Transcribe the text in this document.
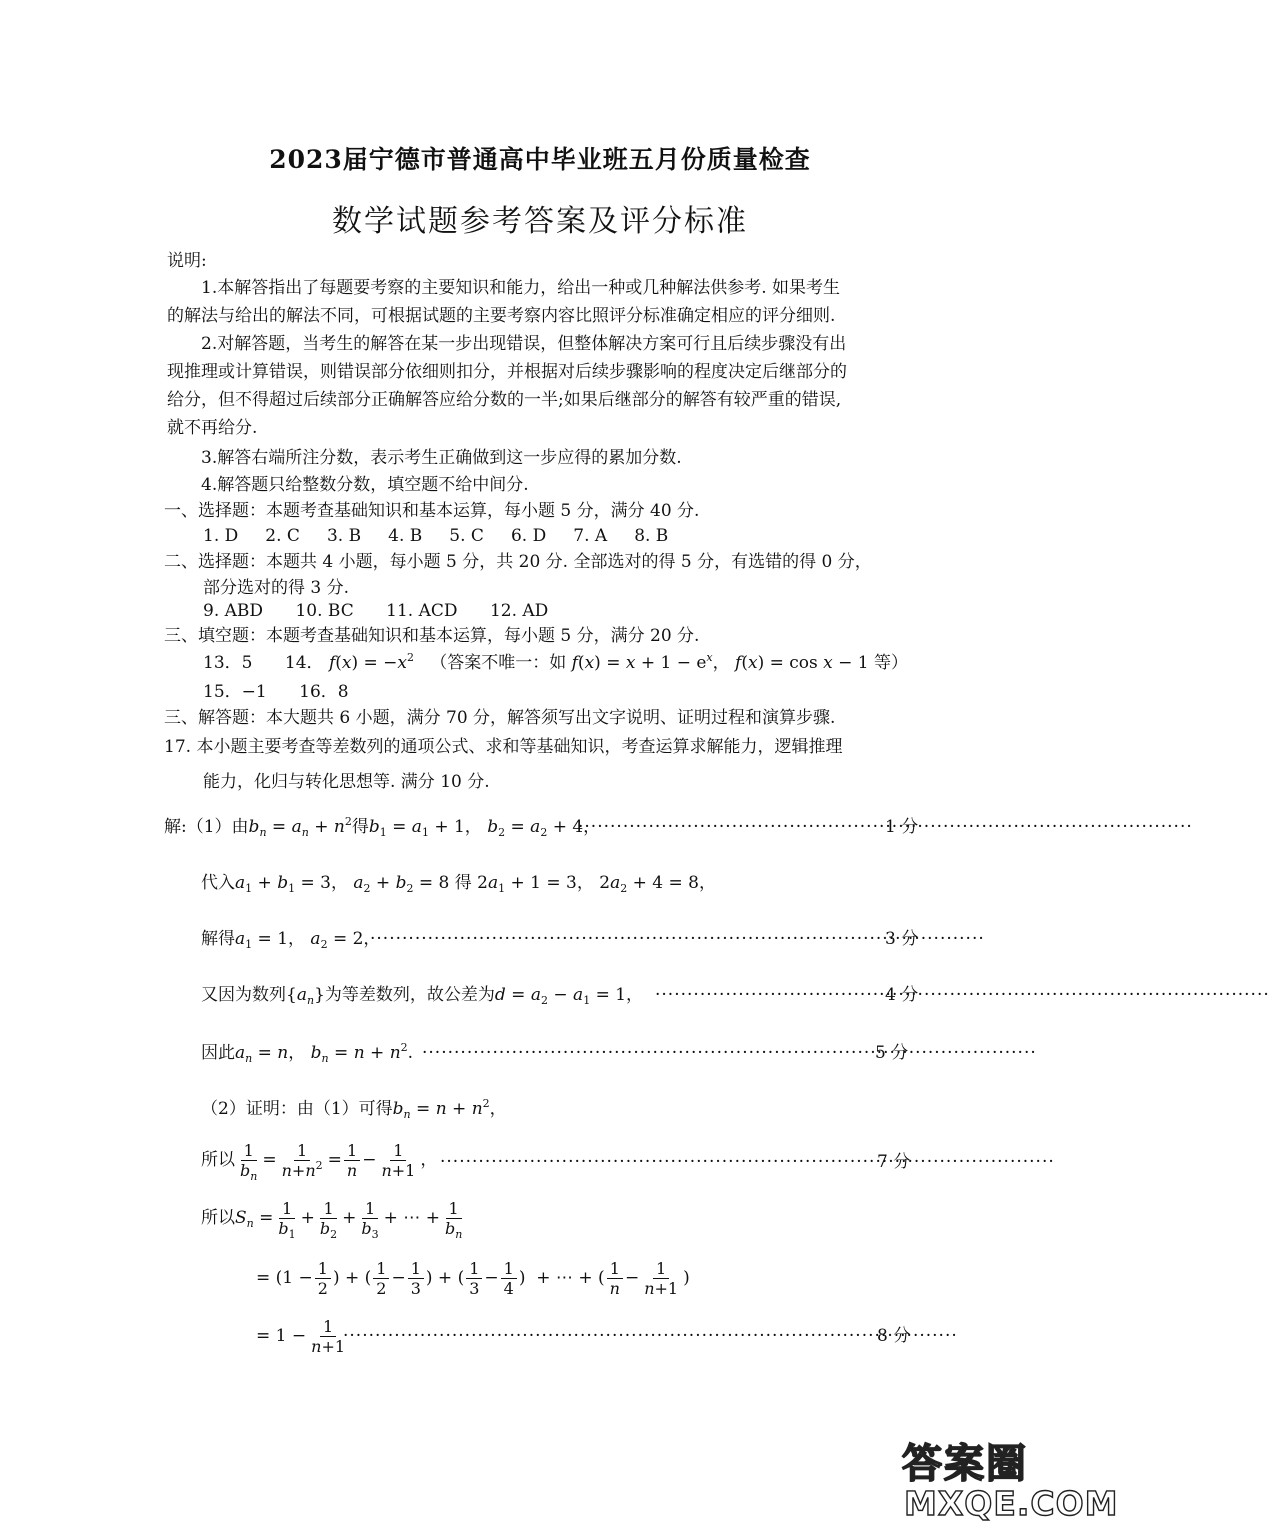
2023届宁德市普通高中毕业班五月份质量检查
数学试题参考答案及评分标准
说明:
1.本解答指出了每题要考察的主要知识和能力，给出一种或几种解法供参考. 如果考生
的解法与给出的解法不同，可根据试题的主要考察内容比照评分标准确定相应的评分细则.
2.对解答题，当考生的解答在某一步出现错误，但整体解决方案可行且后续步骤没有出
现推理或计算错误，则错误部分依细则扣分，并根据对后续步骤影响的程度决定后继部分的
给分，但不得超过后续部分正确解答应给分数的一半;如果后继部分的解答有较严重的错误,
就不再给分.
3.解答右端所注分数，表示考生正确做到这一步应得的累加分数.
4.解答题只给整数分数，填空题不给中间分.
一、选择题：本题考查基础知识和基本运算，每小题 5 分，满分 40 分.
1. D 2. C 3. B 4. B 5. C 6. D 7. A 8. B
二、选择题：本题共 4 小题，每小题 5 分，共 20 分. 全部选对的得 5 分，有选错的得 0 分，
部分选对的得 3 分.
9. ABD 10. BC 11. ACD 12. AD
三、填空题：本题考查基础知识和基本运算，每小题 5 分，满分 20 分.
13．5 14． $f(x) = -x^2$ （答案不唯一：如 $f(x) = x + 1 - e^x$， f(x) = cos x − 1 等）
15．−1 16．8
三、解答题：本大题共 6 小题，满分 70 分，解答须写出文字说明、证明过程和演算步骤.
17. 本小题主要考查等差数列的通项公式、求和等基础知识，考查运算求解能力，逻辑推理
能力，化归与转化思想等. 满分 10 分.
解:（1）由$b_n = a_n + n^2$得$b_1 = a_1 + 1$， $b_2 = a_2 + 4$， ·····	1 分
代入$a_1 + b_1 = 3$， $a_2 + b_2 = 8$ 得 $2a_1 + 1 = 3$， $2a_2 + 4 = 8$，
解得$a_1 = 1$， $a_2 = 2$， ·····	3 分
又因为数列$\{a_n\}$为等差数列，故公差为$d = a_2 - a_1 = 1$， ·····	4 分
因此$a_n = n$， $b_n = n + n^2$. ·····	5 分
（2）证明：由（1）可得$b_n = n + n^2$，
所以 $\frac{1}{b_n} = \frac{1}{n+n^2} = \frac{1}{n} - \frac{1}{n+1}$ ， ·····	7 分
所以$S_n = \frac{1}{b_1} + \frac{1}{b_2} + \frac{1}{b_3}$ + ⋯ + $\frac{1}{b_n}$
= ($1 - \frac{1}{2}$ ) + ( $\frac{1}{2} - \frac{1}{3}$ ) + ( $\frac{1}{3} - \frac{1}{4}$ )  + ⋯ + ( $\frac{1}{n} - \frac{1}{n+1}$ )
= $1 - \frac{1}{n+1}$ ·····	8 分
答案圈
MXQE.COM
